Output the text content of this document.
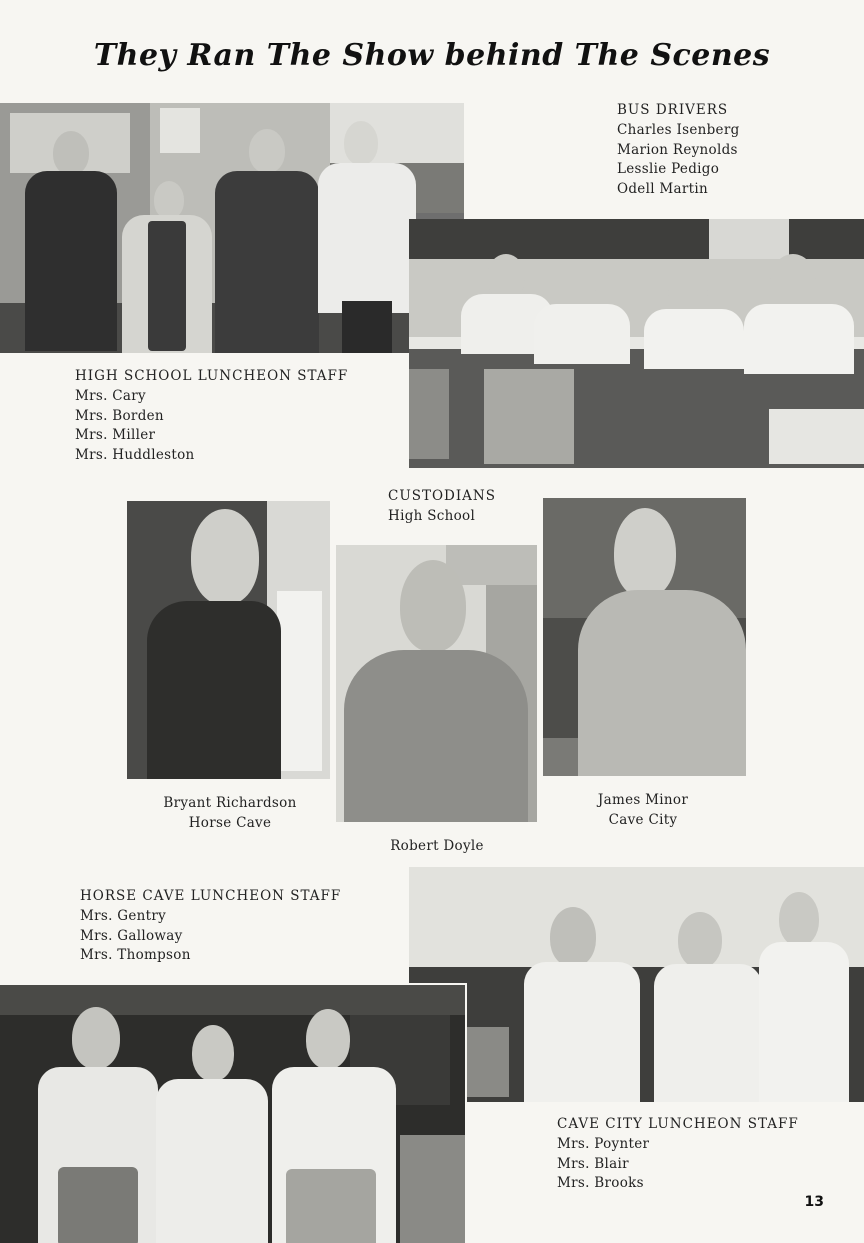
They Ran The Show behind The Scenes
BUS DRIVERS
Charles Isenberg
Marion Reynolds
Lesslie Pedigo
Odell Martin
HIGH SCHOOL LUNCHEON STAFF
Mrs. Cary
Mrs. Borden
Mrs. Miller
Mrs. Huddleston
CUSTODIANS
High School
Bryant Richardson
Horse Cave
Robert Doyle
James Minor
Cave City
HORSE CAVE LUNCHEON STAFF
Mrs. Gentry
Mrs. Galloway
Mrs. Thompson
CAVE CITY LUNCHEON STAFF
Mrs. Poynter
Mrs. Blair
Mrs. Brooks
13
